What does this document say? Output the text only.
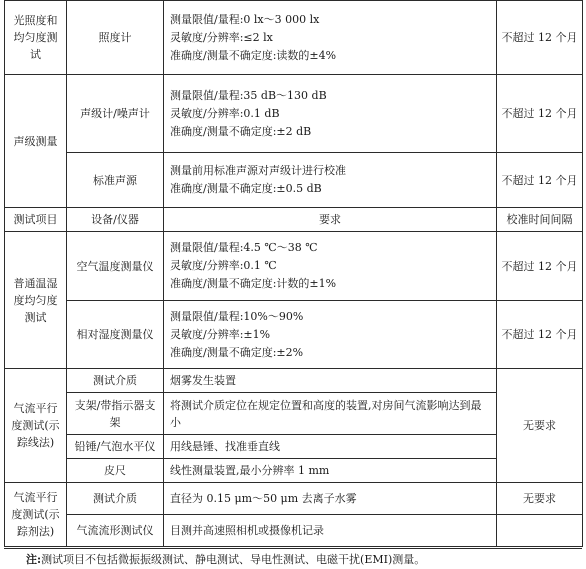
光照度和均匀度测试	照度计	测量限值/量程:0 lx～3 000 lx
灵敏度/分辨率:≤2 lx
准确度/测量不确定度:读数的±4%	不超过 12 个月
声级测量	声级计/噪声计	测量限值/量程:35 dB～130 dB
灵敏度/分辨率:0.1 dB
准确度/测量不确定度:±2 dB	不超过 12 个月
	标准声源	测量前用标准声源对声级计进行校准
准确度/测量不确定度:±0.5 dB	不超过 12 个月
测试项目	设备/仪器	要求	校准时间间隔
普通温湿度均匀度测试	空气温度测量仪	测量限值/量程:4.5 ℃～38 ℃
灵敏度/分辨率:0.1 ℃
准确度/测量不确定度:计数的±1%	不超过 12 个月
	相对湿度测量仪	测量限值/量程:10%～90%
灵敏度/分辨率:±1%
准确度/测量不确定度:±2%	不超过 12 个月
气流平行度测试(示踪线法)	测试介质	烟雾发生装置	无要求
	支架/带指示器支架	将测试介质定位在规定位置和高度的装置,对房间气流影响达到最小	
	铅锤/气泡水平仪	用线悬锤、找准垂直线	
	皮尺	线性测量装置,最小分辨率 1 mm	
气流平行度测试(示踪剂法)	测试介质	直径为 0.15 μm～50 μm 去离子水雾	无要求
	气流流形测试仪	目测并高速照相机或摄像机记录	
注:测试项目不包括微振振级测试、静电测试、导电性测试、电磁干扰(EMI)测量。
